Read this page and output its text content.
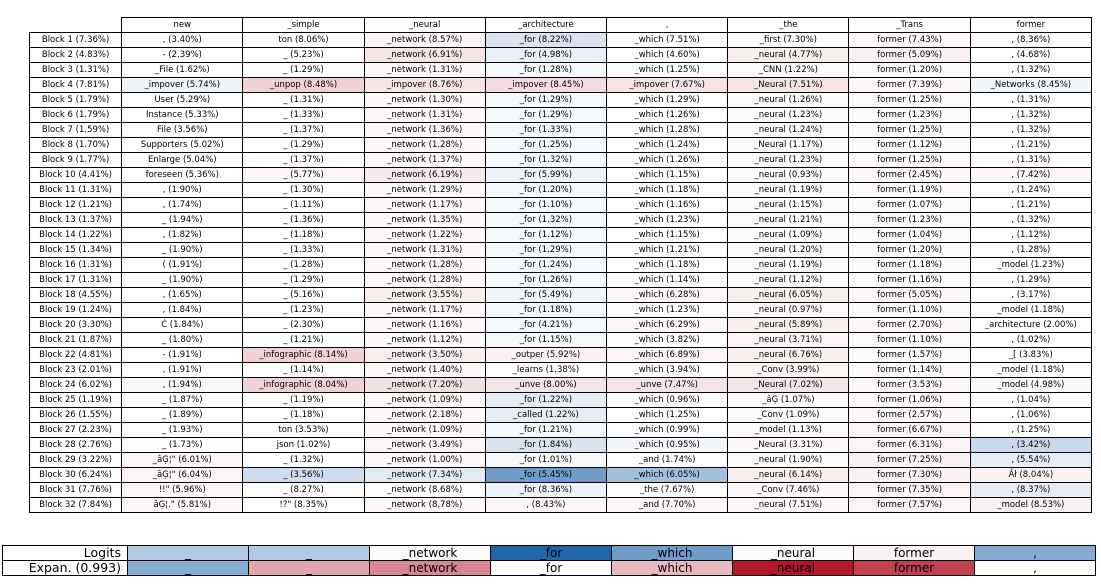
	new	_simple	_neural	_architecture	,	_the	_Trans	former
Block 1 (7.36%)	, (3.40%)	ton (8.06%)	_network (8.57%)	_for (8.22%)	_which (7.51%)	_first (7.30%)	former (7.43%)	, (8.36%)
Block 2 (4.83%)	- (2.39%)	_ (5.23%)	_network (6.91%)	_for (4.98%)	_which (4.60%)	_neural (4.77%)	former (5.09%)	, (4.68%)
Block 3 (1.31%)	_File (1.62%)	_ (1.29%)	_network (1.31%)	_for (1.28%)	_which (1.25%)	_CNN (1.22%)	former (1.20%)	, (1.32%)
Block 4 (7.81%)	_impover (5.74%)	_unpop (8.48%)	_impover (8.76%)	_impover (8.45%)	_impover (7.67%)	_Neural (7.51%)	former (7.39%)	_Networks (8.45%)
Block 5 (1.79%)	User (5.29%)	_ (1.31%)	_network (1.30%)	_for (1.29%)	_which (1.29%)	_neural (1.26%)	former (1.25%)	, (1.31%)
Block 6 (1.79%)	Instance (5.33%)	_ (1.33%)	_network (1.31%)	_for (1.29%)	_which (1.26%)	_neural (1.23%)	former (1.23%)	, (1.32%)
Block 7 (1.59%)	File (3.56%)	_ (1.37%)	_network (1.36%)	_for (1.33%)	_which (1.28%)	_neural (1.24%)	former (1.25%)	, (1.32%)
Block 8 (1.70%)	Supporters (5.02%)	_ (1.29%)	_network (1.28%)	_for (1.25%)	_which (1.24%)	_Neural (1.17%)	former (1.12%)	, (1.21%)
Block 9 (1.77%)	Enlarge (5.04%)	_ (1.37%)	_network (1.37%)	_for (1.32%)	_which (1.26%)	_neural (1.23%)	former (1.25%)	, (1.31%)
Block 10 (4.41%)	foreseen (5.36%)	_ (5.77%)	_network (6.19%)	_for (5.99%)	_which (1.15%)	_neural (0.93%)	former (2.45%)	, (7.42%)
Block 11 (1.31%)	, (1.90%)	_ (1.30%)	_network (1.29%)	_for (1.20%)	_which (1.18%)	_neural (1.19%)	former (1.19%)	, (1.24%)
Block 12 (1.21%)	, (1.74%)	_ (1.11%)	_network (1.17%)	_for (1.10%)	_which (1.16%)	_neural (1.15%)	former (1.07%)	, (1.21%)
Block 13 (1.37%)	_ (1.94%)	_ (1.36%)	_network (1.35%)	_for (1.32%)	_which (1.23%)	_neural (1.21%)	former (1.23%)	, (1.32%)
Block 14 (1.22%)	, (1.82%)	_ (1.18%)	_network (1.22%)	_for (1.12%)	_which (1.15%)	_neural (1.09%)	former (1.04%)	, (1.12%)
Block 15 (1.34%)	_ (1.90%)	_ (1.33%)	_network (1.31%)	_for (1.29%)	_which (1.21%)	_neural (1.20%)	former (1.20%)	, (1.28%)
Block 16 (1.31%)	( (1.91%)	_ (1.28%)	_network (1.28%)	_for (1.24%)	_which (1.18%)	_neural (1.19%)	former (1.18%)	_model (1.23%)
Block 17 (1.31%)	_ (1.90%)	_ (1.29%)	_network (1.28%)	_for (1.26%)	_which (1.14%)	_neural (1.12%)	former (1.16%)	, (1.29%)
Block 18 (4.55%)	, (1.65%)	_ (5.16%)	_network (3.55%)	_for (5.49%)	_which (6.28%)	_neural (6.05%)	former (5.05%)	, (3.17%)
Block 19 (1.24%)	, (1.84%)	_ (1.23%)	_network (1.17%)	_for (1.18%)	_which (1.23%)	_neural (0.97%)	former (1.10%)	_model (1.18%)
Block 20 (3.30%)	Ċ (1.84%)	_ (2.30%)	_network (1.16%)	_for (4.21%)	_which (6.29%)	_neural (5.89%)	former (2.70%)	_architecture (2.00%)
Block 21 (1.87%)	_ (1.80%)	_ (1.21%)	_network (1.12%)	_for (1.15%)	_which (3.82%)	_neural (3.71%)	former (1.10%)	, (1.02%)
Block 22 (4.81%)	- (1.91%)	_infographic (8.14%)	_network (3.50%)	_outper (5.92%)	_which (6.89%)	_neural (6.76%)	former (1.57%)	_[ (3.83%)
Block 23 (2.01%)	, (1.91%)	_ (1.14%)	_network (1.40%)	_learns (1.38%)	_which (3.94%)	_Conv (3.99%)	former (1.14%)	_model (1.18%)
Block 24 (6.02%)	, (1.94%)	_infographic (8.04%)	_network (7.20%)	_unve (8.00%)	_unve (7.47%)	_Neural (7.02%)	former (3.53%)	_model (4.98%)
Block 25 (1.19%)	_ (1.87%)	_ (1.19%)	_network (1.09%)	_for (1.22%)	_which (0.96%)	_âĢ (1.07%)	former (1.06%)	, (1.04%)
Block 26 (1.55%)	_ (1.89%)	_ (1.18%)	_network (2.18%)	_called (1.22%)	_which (1.25%)	_Conv (1.09%)	former (2.57%)	, (1.06%)
Block 27 (2.23%)	_ (1.93%)	ton (3.53%)	_network (1.09%)	_for (1.21%)	_which (0.99%)	_model (1.13%)	former (6.67%)	, (1.25%)
Block 28 (2.76%)	_ (1.73%)	json (1.02%)	_network (3.49%)	_for (1.84%)	_which (0.95%)	_Neural (3.31%)	former (6.31%)	, (3.42%)
Block 29 (3.22%)	_âĢ¦" (6.01%)	_ (1.32%)	_network (1.00%)	_for (1.01%)	_and (1.74%)	_neural (1.90%)	former (7.25%)	, (5.54%)
Block 30 (6.24%)	_âĢ¦" (6.04%)	_ (3.56%)	_network (7.34%)	_for (5.45%)	_which (6.05%)	_neural (6.14%)	former (7.30%)	Âł (8.04%)
Block 31 (7.76%)	!!" (5.96%)	_ (8.27%)	_network (8.68%)	_for (8.36%)	_the (7.67%)	_Conv (7.46%)	former (7.35%)	, (8.37%)
Block 32 (7.84%)	âĢ¦." (5.81%)	!?" (8.35%)	_network (8.78%)	, (8.43%)	_and (7.70%)	_neural (7.51%)	former (7.57%)	_model (8.53%)
Logits	_	_	_network	_for	_which	_neural	former	,
Expan. (0.993)	_	_	_network	_for	_which	_neural	former	,
